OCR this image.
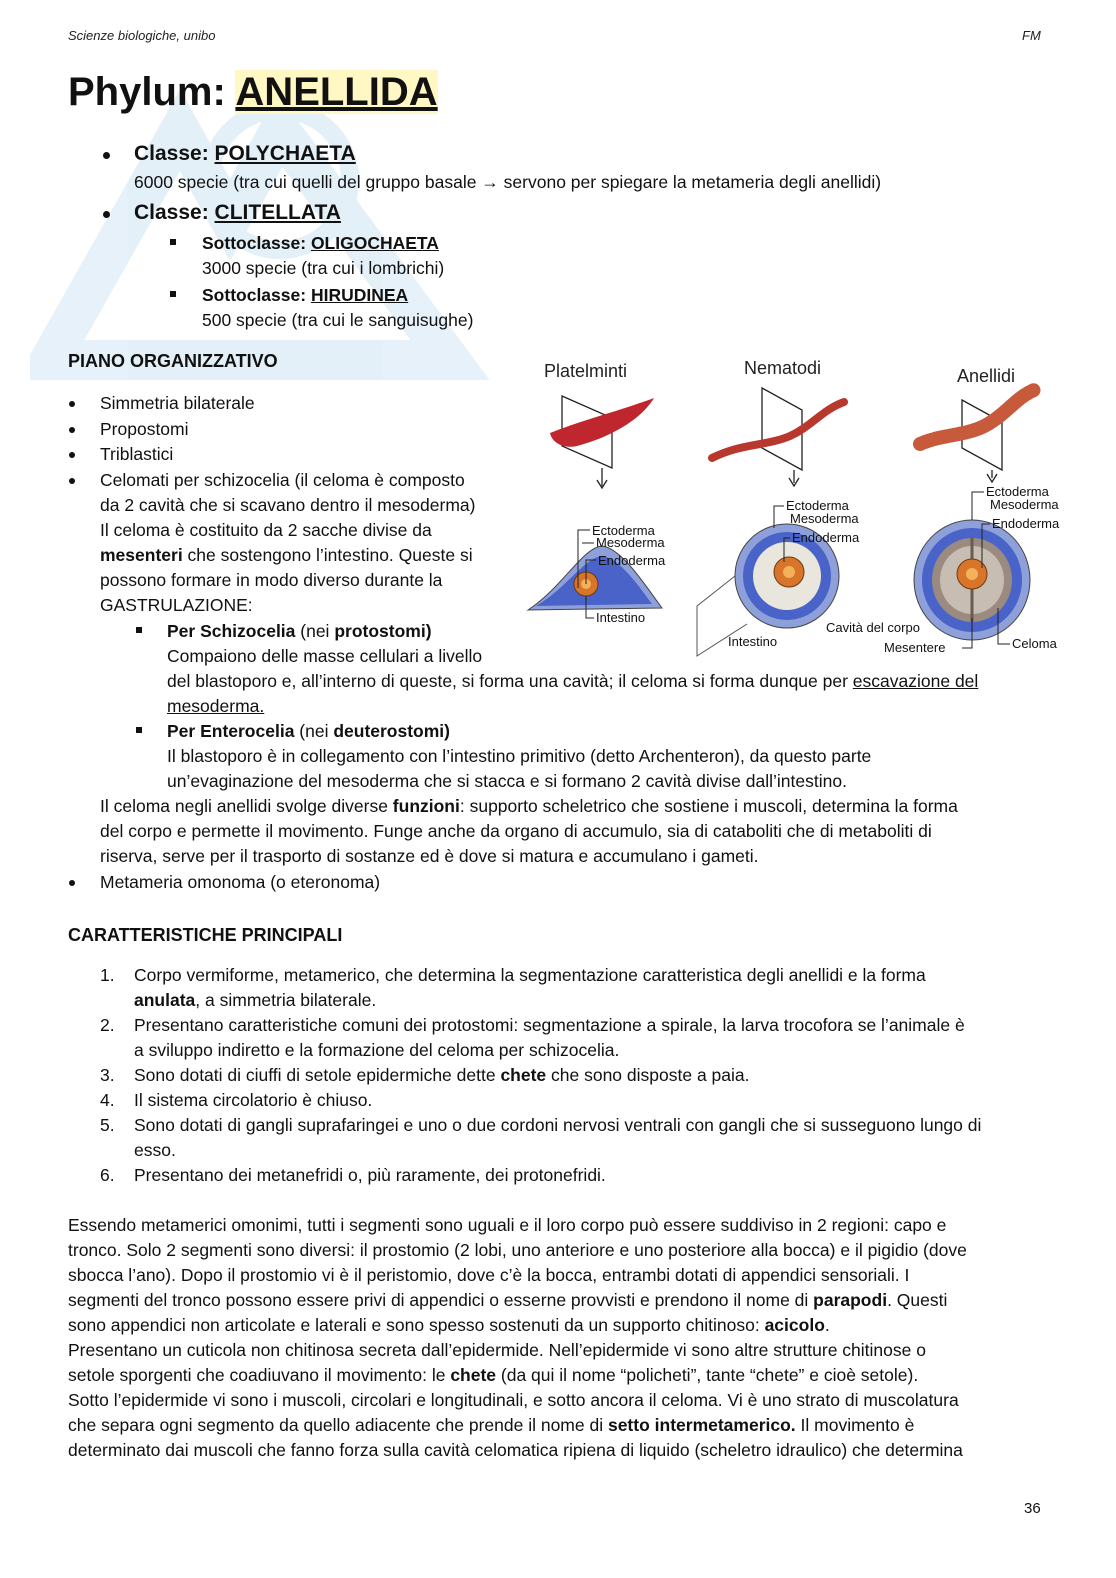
Scienze biologiche, unibo	FM
Phylum: ANELLIDA
Classe: POLYCHAETA
6000 specie (tra cui quelli del gruppo basale → servono per spiegare la metameria degli anellidi)
Classe: CLITELLATA
Sottoclasse: OLIGOCHAETA
3000 specie (tra cui i lombrichi)
Sottoclasse: HIRUDINEA
500 specie (tra cui le sanguisughe)
PIANO ORGANIZZATIVO
Simmetria bilaterale
Propostomi
Triblastici
Celomati per schizocelia (il celoma è composto
da 2 cavità che si scavano dentro il mesoderma)
Il celoma è costituito da 2 sacche divise da
mesenteri che sostengono l’intestino. Queste si
possono formare in modo diverso durante la
GASTRULAZIONE:
Per Schizocelia (nei protostomi)
Compaiono delle masse cellulari a livello
del blastoporo e, all’interno di queste, si forma una cavità; il celoma si forma dunque per escavazione del
mesoderma.
Per Enterocelia (nei deuterostomi)
Il blastoporo è in collegamento con l’intestino primitivo (detto Archenteron), da questo parte
un’evaginazione del mesoderma che si stacca e si formano 2 cavità divise dall’intestino.
Il celoma negli anellidi svolge diverse funzioni: supporto scheletrico che sostiene i muscoli, determina la forma
del corpo e permette il movimento. Funge anche da organo di accumulo, sia di cataboliti che di metaboliti di
riserva, serve per il trasporto di sostanze ed è dove si matura e accumulano i gameti.
Metameria omonoma (o eteronoma)
Platelminti	Nematodi	Anellidi
Ectoderma
Mesoderma
Endoderma
Intestino
Ectoderma
Mesoderma
Endoderma
Intestino
Cavità del corpo
Ectoderma
Mesoderma
Endoderma
Mesentere	Celoma
CARATTERISTICHE PRINCIPALI
1. Corpo vermiforme, metamerico, che determina la segmentazione caratteristica degli anellidi e la forma
anulata, a simmetria bilaterale.
2. Presentano caratteristiche comuni dei protostomi: segmentazione a spirale, la larva trocofora se l’animale è
a sviluppo indiretto e la formazione del celoma per schizocelia.
3. Sono dotati di ciuffi di setole epidermiche dette chete che sono disposte a paia.
4. Il sistema circolatorio è chiuso.
5. Sono dotati di gangli suprafaringei e uno o due cordoni nervosi ventrali con gangli che si susseguono lungo di
esso.
6. Presentano dei metanefridi o, più raramente, dei protonefridi.
Essendo metamerici omonimi, tutti i segmenti sono uguali e il loro corpo può essere suddiviso in 2 regioni: capo e
tronco. Solo 2 segmenti sono diversi: il prostomio (2 lobi, uno anteriore e uno posteriore alla bocca) e il pigidio (dove
sbocca l’ano). Dopo il prostomio vi è il peristomio, dove c’è la bocca, entrambi dotati di appendici sensoriali. I
segmenti del tronco possono essere privi di appendici o esserne provvisti e prendono il nome di parapodi. Questi
sono appendici non articolate e laterali e sono spesso sostenuti da un supporto chitinoso: acicolo.
Presentano un cuticola non chitinosa secreta dall’epidermide. Nell’epidermide vi sono altre strutture chitinose o
setole sporgenti che coadiuvano il movimento: le chete (da qui il nome “policheti”, tante “chete” e cioè setole).
Sotto l’epidermide vi sono i muscoli, circolari e longitudinali, e sotto ancora il celoma. Vi è uno strato di muscolatura
che separa ogni segmento da quello adiacente che prende il nome di setto intermetamerico. Il movimento è
determinato dai muscoli che fanno forza sulla cavità celomatica ripiena di liquido (scheletro idraulico) che determina
36
